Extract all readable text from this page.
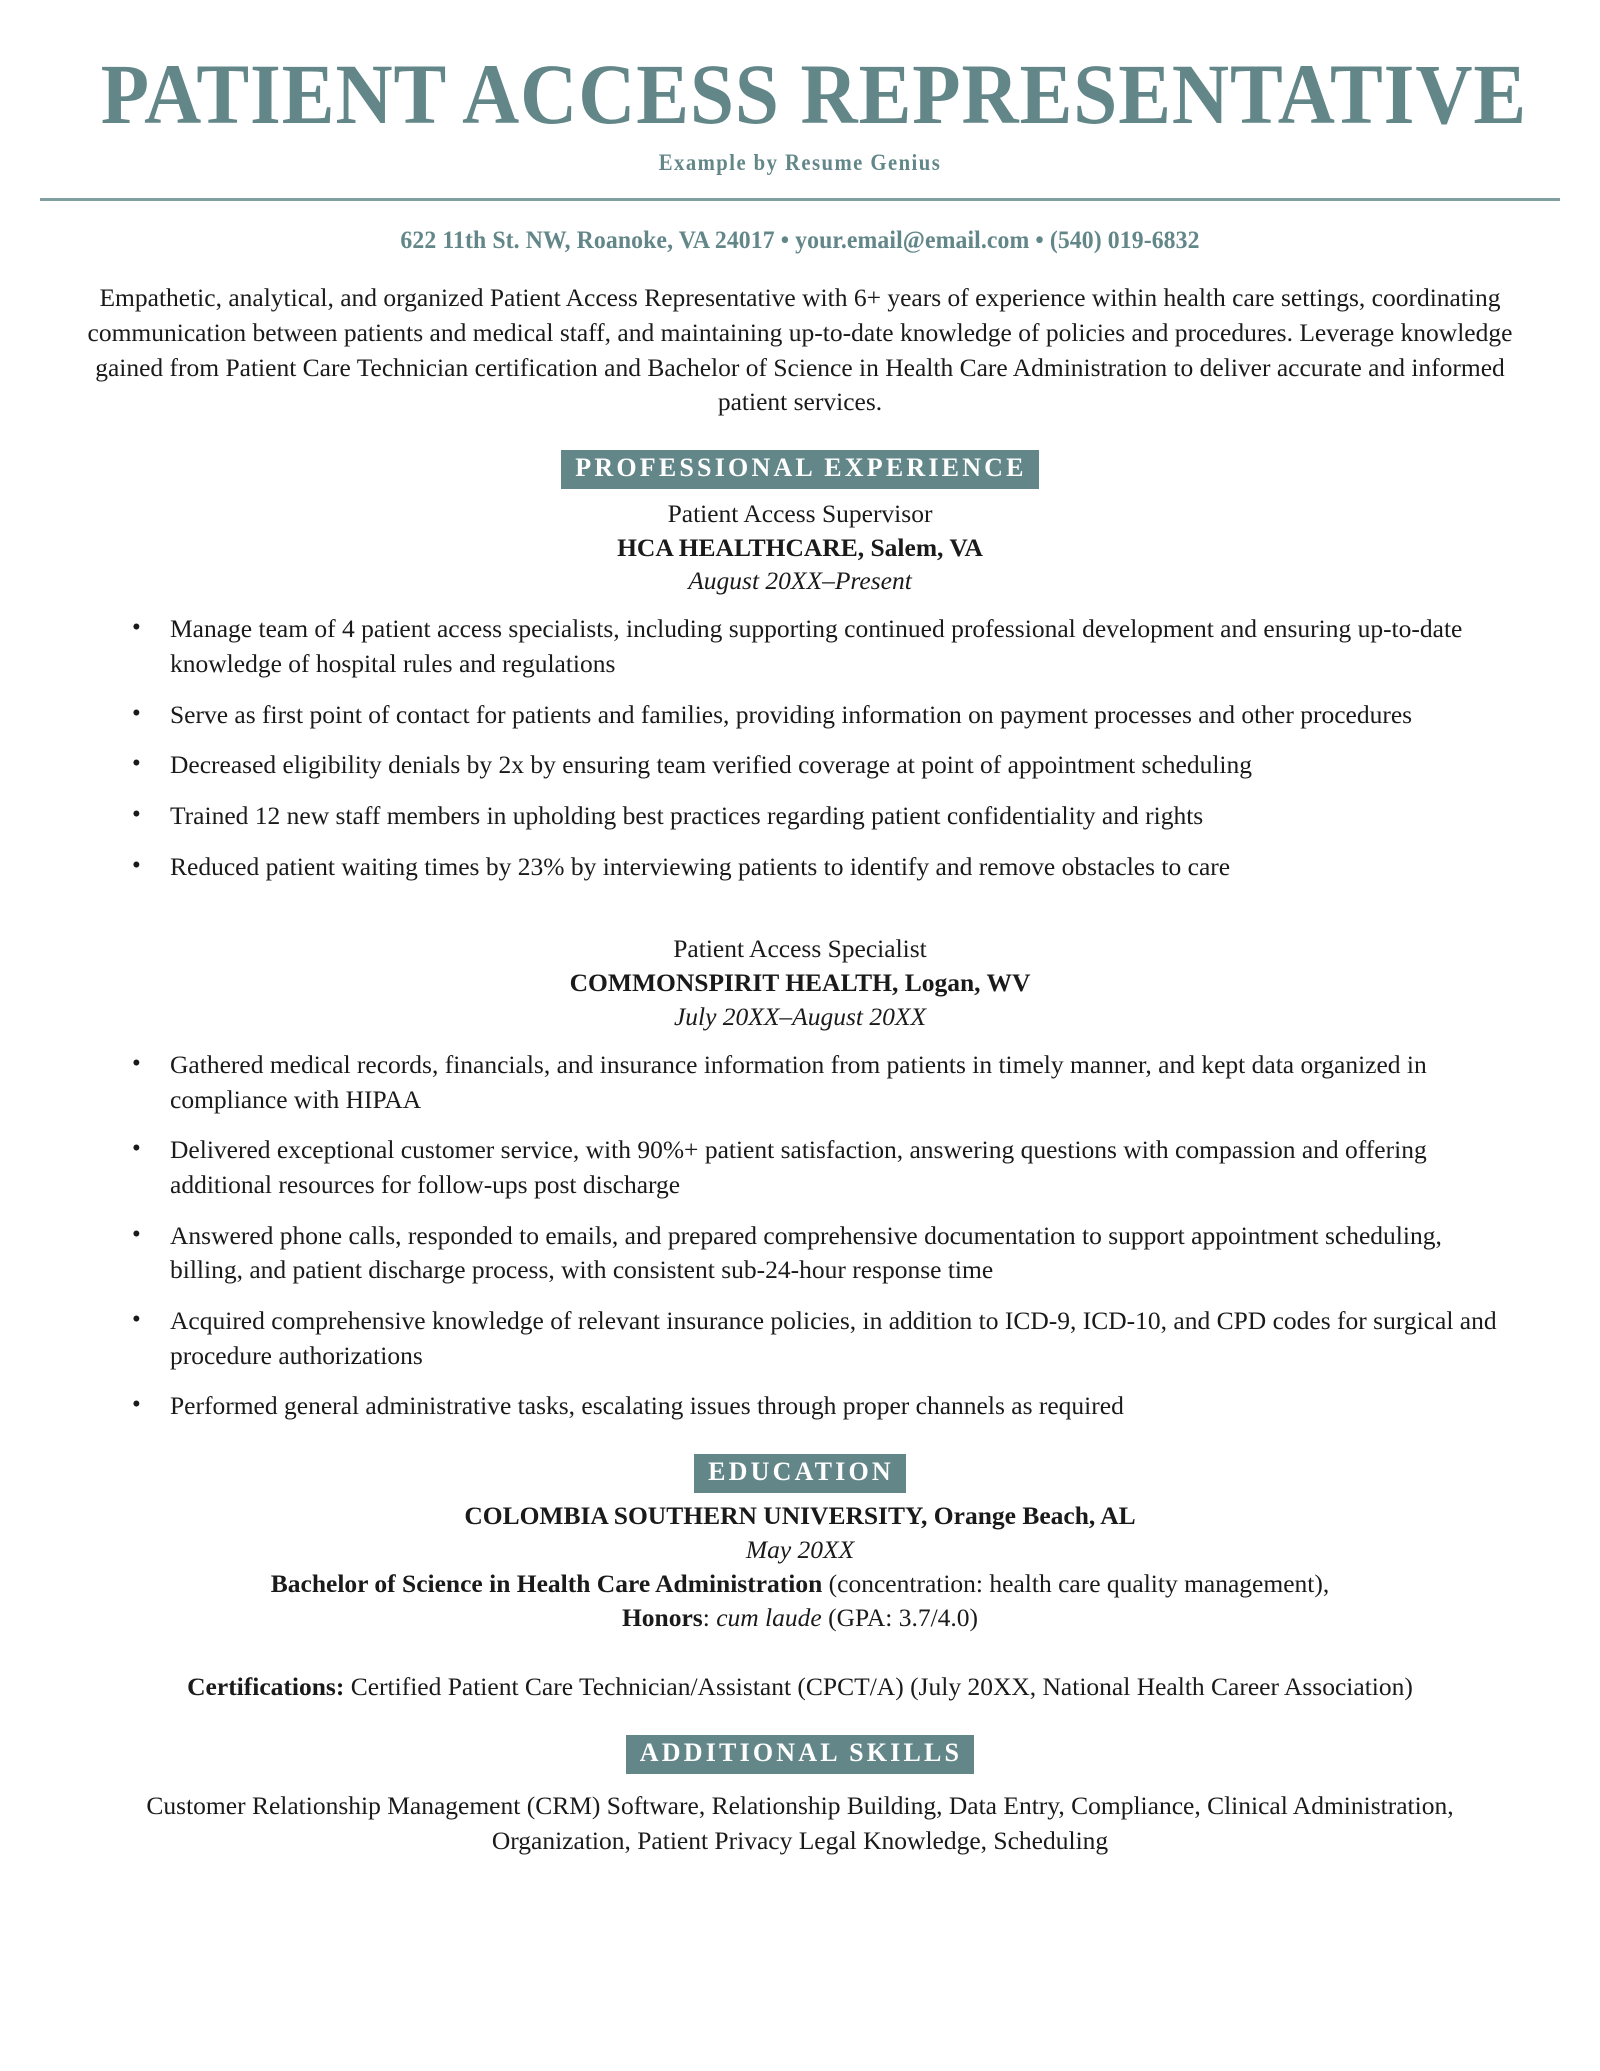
PATIENT ACCESS REPRESENTATIVE
Example by Resume Genius
622 11th St. NW, Roanoke, VA 24017 • your.email@email.com • (540) 019-6832
Empathetic, analytical, and organized Patient Access Representative with 6+ years of experience within health care settings, coordinating communication between patients and medical staff, and maintaining up-to-date knowledge of policies and procedures. Leverage knowledge gained from Patient Care Technician certification and Bachelor of Science in Health Care Administration to deliver accurate and informed patient services.
PROFESSIONAL EXPERIENCE
Patient Access Supervisor
HCA HEALTHCARE, Salem, VA
August 20XX–Present
• Manage team of 4 patient access specialists, including supporting continued professional development and ensuring up-to-date knowledge of hospital rules and regulations
• Serve as first point of contact for patients and families, providing information on payment processes and other procedures
• Decreased eligibility denials by 2x by ensuring team verified coverage at point of appointment scheduling
• Trained 12 new staff members in upholding best practices regarding patient confidentiality and rights
• Reduced patient waiting times by 23% by interviewing patients to identify and remove obstacles to care
Patient Access Specialist
COMMONSPIRIT HEALTH, Logan, WV
July 20XX–August 20XX
• Gathered medical records, financials, and insurance information from patients in timely manner, and kept data organized in compliance with HIPAA
• Delivered exceptional customer service, with 90%+ patient satisfaction, answering questions with compassion and offering additional resources for follow-ups post discharge
• Answered phone calls, responded to emails, and prepared comprehensive documentation to support appointment scheduling, billing, and patient discharge process, with consistent sub-24-hour response time
• Acquired comprehensive knowledge of relevant insurance policies, in addition to ICD-9, ICD-10, and CPD codes for surgical and procedure authorizations
• Performed general administrative tasks, escalating issues through proper channels as required
EDUCATION
COLOMBIA SOUTHERN UNIVERSITY, Orange Beach, AL
May 20XX
Bachelor of Science in Health Care Administration (concentration: health care quality management),
Honors: cum laude (GPA: 3.7/4.0)
Certifications: Certified Patient Care Technician/Assistant (CPCT/A) (July 20XX, National Health Career Association)
ADDITIONAL SKILLS
Customer Relationship Management (CRM) Software, Relationship Building, Data Entry, Compliance, Clinical Administration, Organization, Patient Privacy Legal Knowledge, Scheduling
